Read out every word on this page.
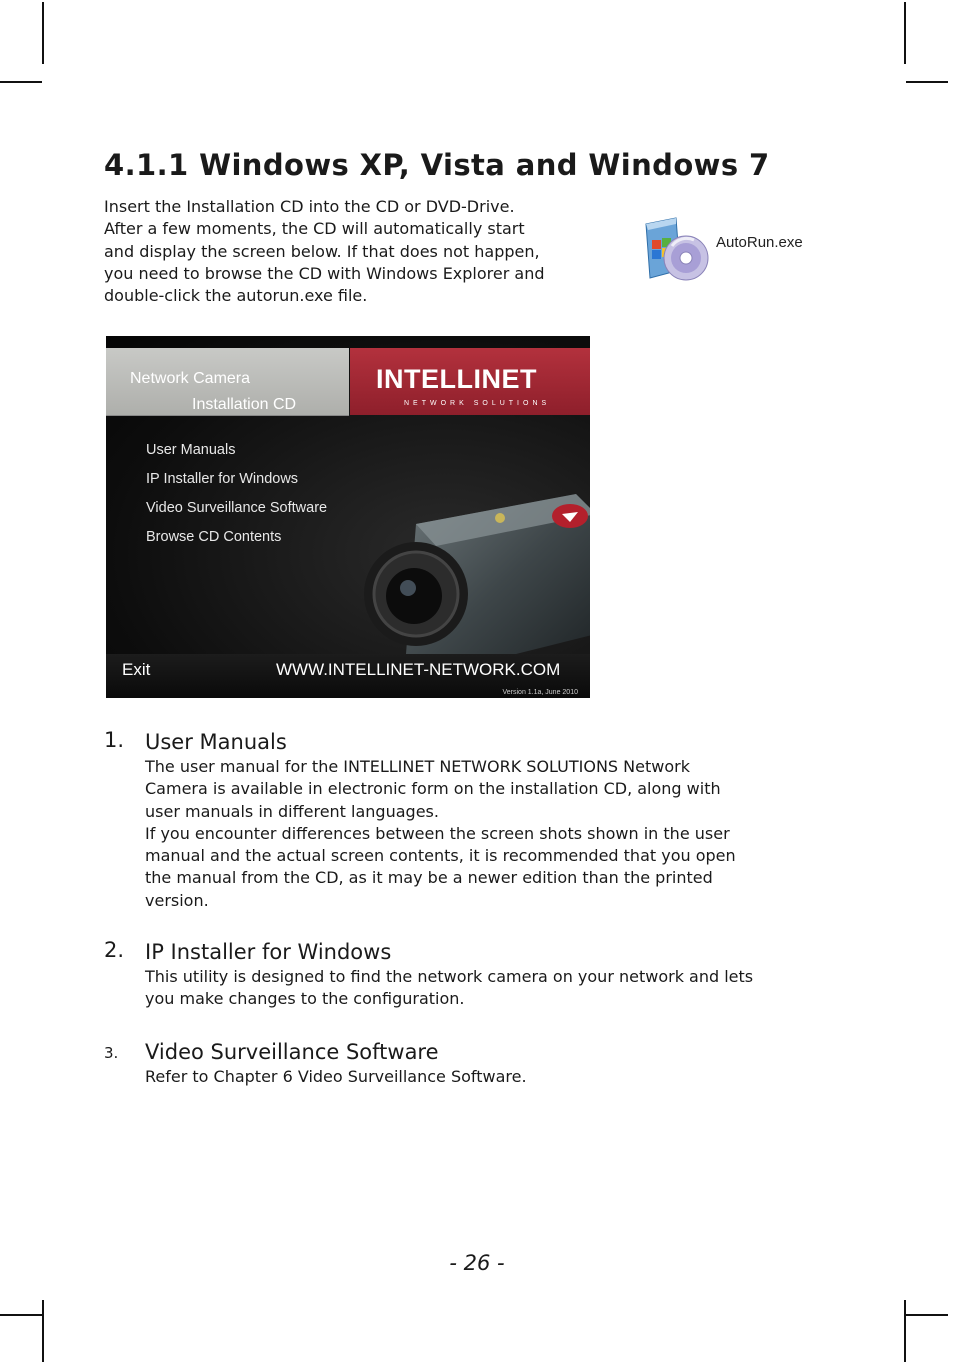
4.1.1 Windows XP, Vista and Windows 7

Insert the Installation CD into the CD or DVD-Drive.

After a few moments, the CD will automatically start

and display the screen below. If that does not happen,

you need to browse the CD with Windows Explorer and

double-click the autorun.exe file.

AutoRun.exe
Network Camera
Installation CD
INTELLINET
NETWORK SOLUTIONS
User Manuals
IP Installer for Windows
Video Surveillance Software
Browse CD Contents
Exit	WWW.INTELLINET-NETWORK.COM
Version 1.1a, June 2010
1. User Manuals

The user manual for the INTELLINET NETWORK SOLUTIONS Network

Camera is available in electronic form on the installation CD, along with

user manuals in different languages.

If you encounter differences between the screen shots shown in the user

manual and the actual screen contents, it is recommended that you open

the manual from the CD, as it may be a newer edition than the printed

version.

2. IP Installer for Windows

This utility is designed to find the network camera on your network and lets

you make changes to the configuration.

3. Video Surveillance Software

Refer to Chapter 6 Video Surveillance Software.

- 26 -
